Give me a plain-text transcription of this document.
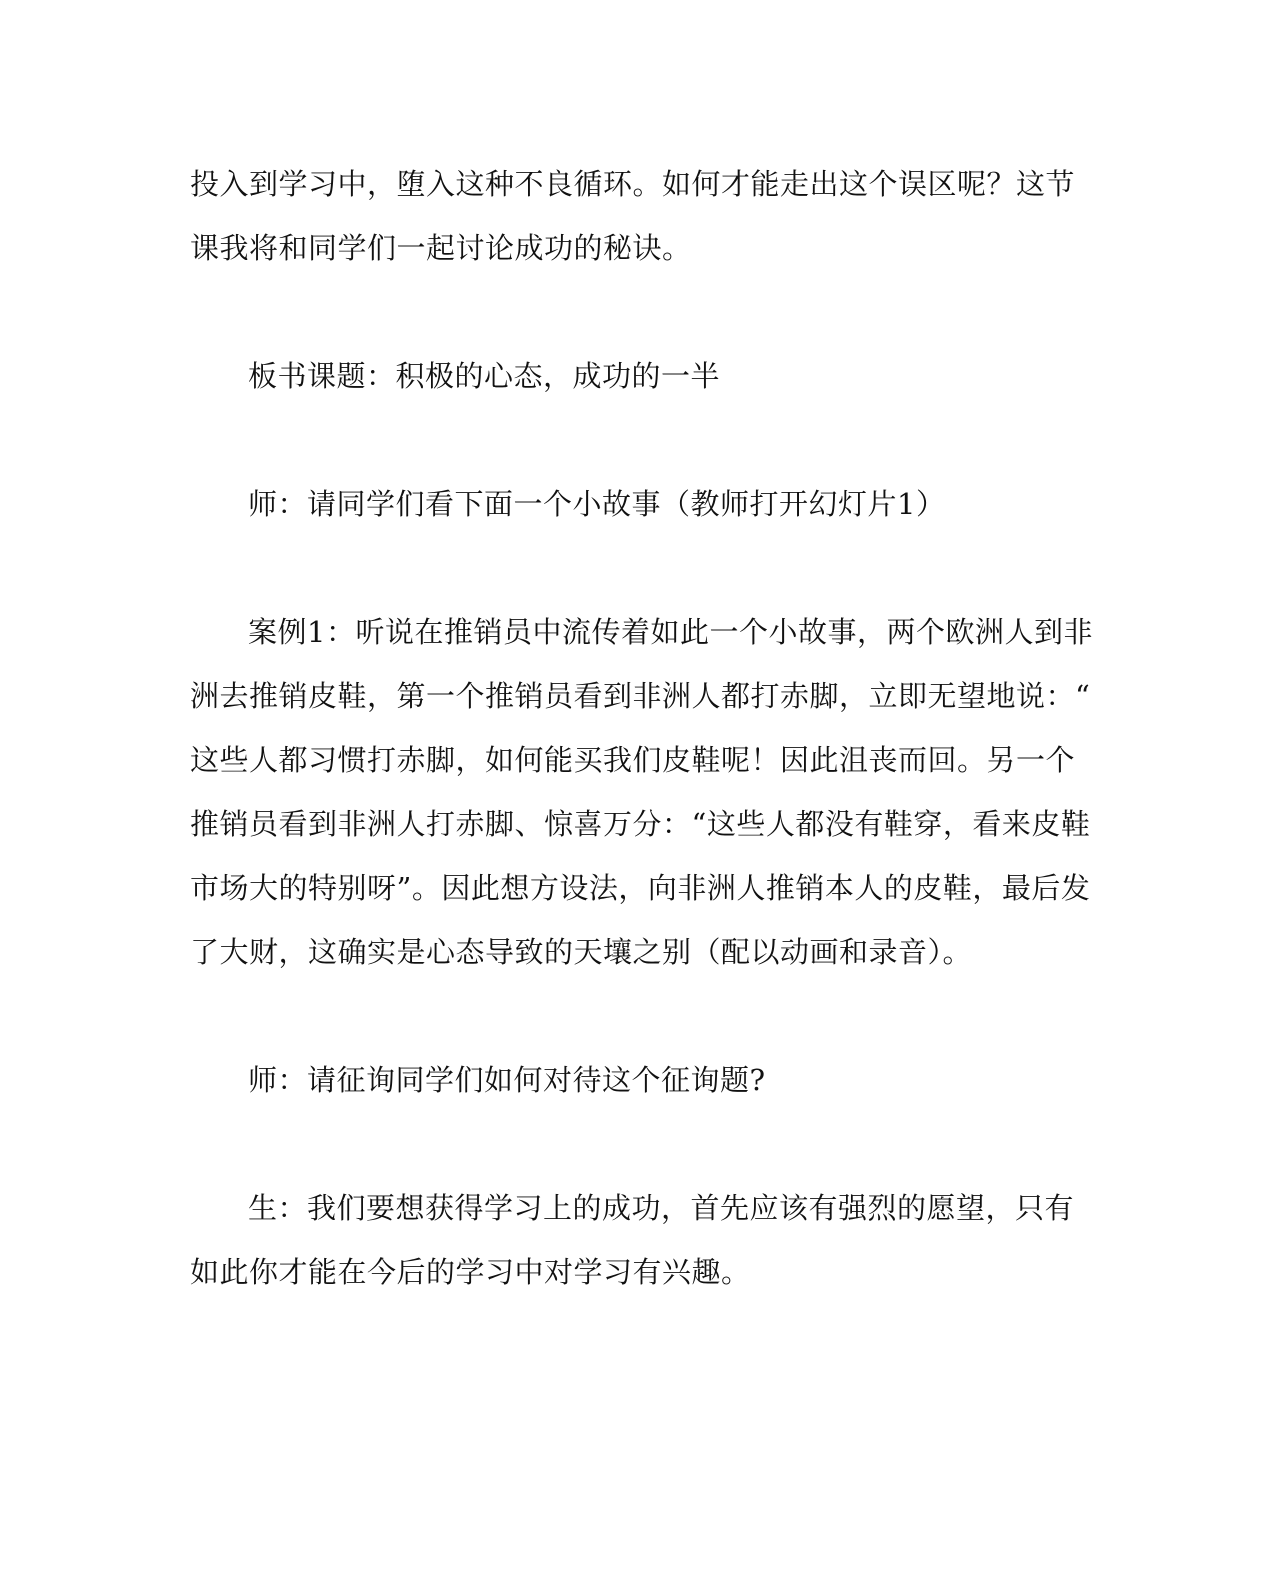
投入到学习中，堕入这种不良循环。如何才能走出这个误区呢？这节
课我将和同学们一起讨论成功的秘诀。
板书课题：积极的心态，成功的一半
师：请同学们看下面一个小故事（教师打开幻灯片1）
案例1：听说在推销员中流传着如此一个小故事，两个欧洲人到非
洲去推销皮鞋，第一个推销员看到非洲人都打赤脚，立即无望地说：“
这些人都习惯打赤脚，如何能买我们皮鞋呢！因此沮丧而回。另一个
推销员看到非洲人打赤脚、惊喜万分：“这些人都没有鞋穿，看来皮鞋
市场大的特别呀”。因此想方设法，向非洲人推销本人的皮鞋，最后发
了大财，这确实是心态导致的天壤之别（配以动画和录音）。
师：请征询同学们如何对待这个征询题?
生：我们要想获得学习上的成功，首先应该有强烈的愿望，只有
如此你才能在今后的学习中对学习有兴趣。
